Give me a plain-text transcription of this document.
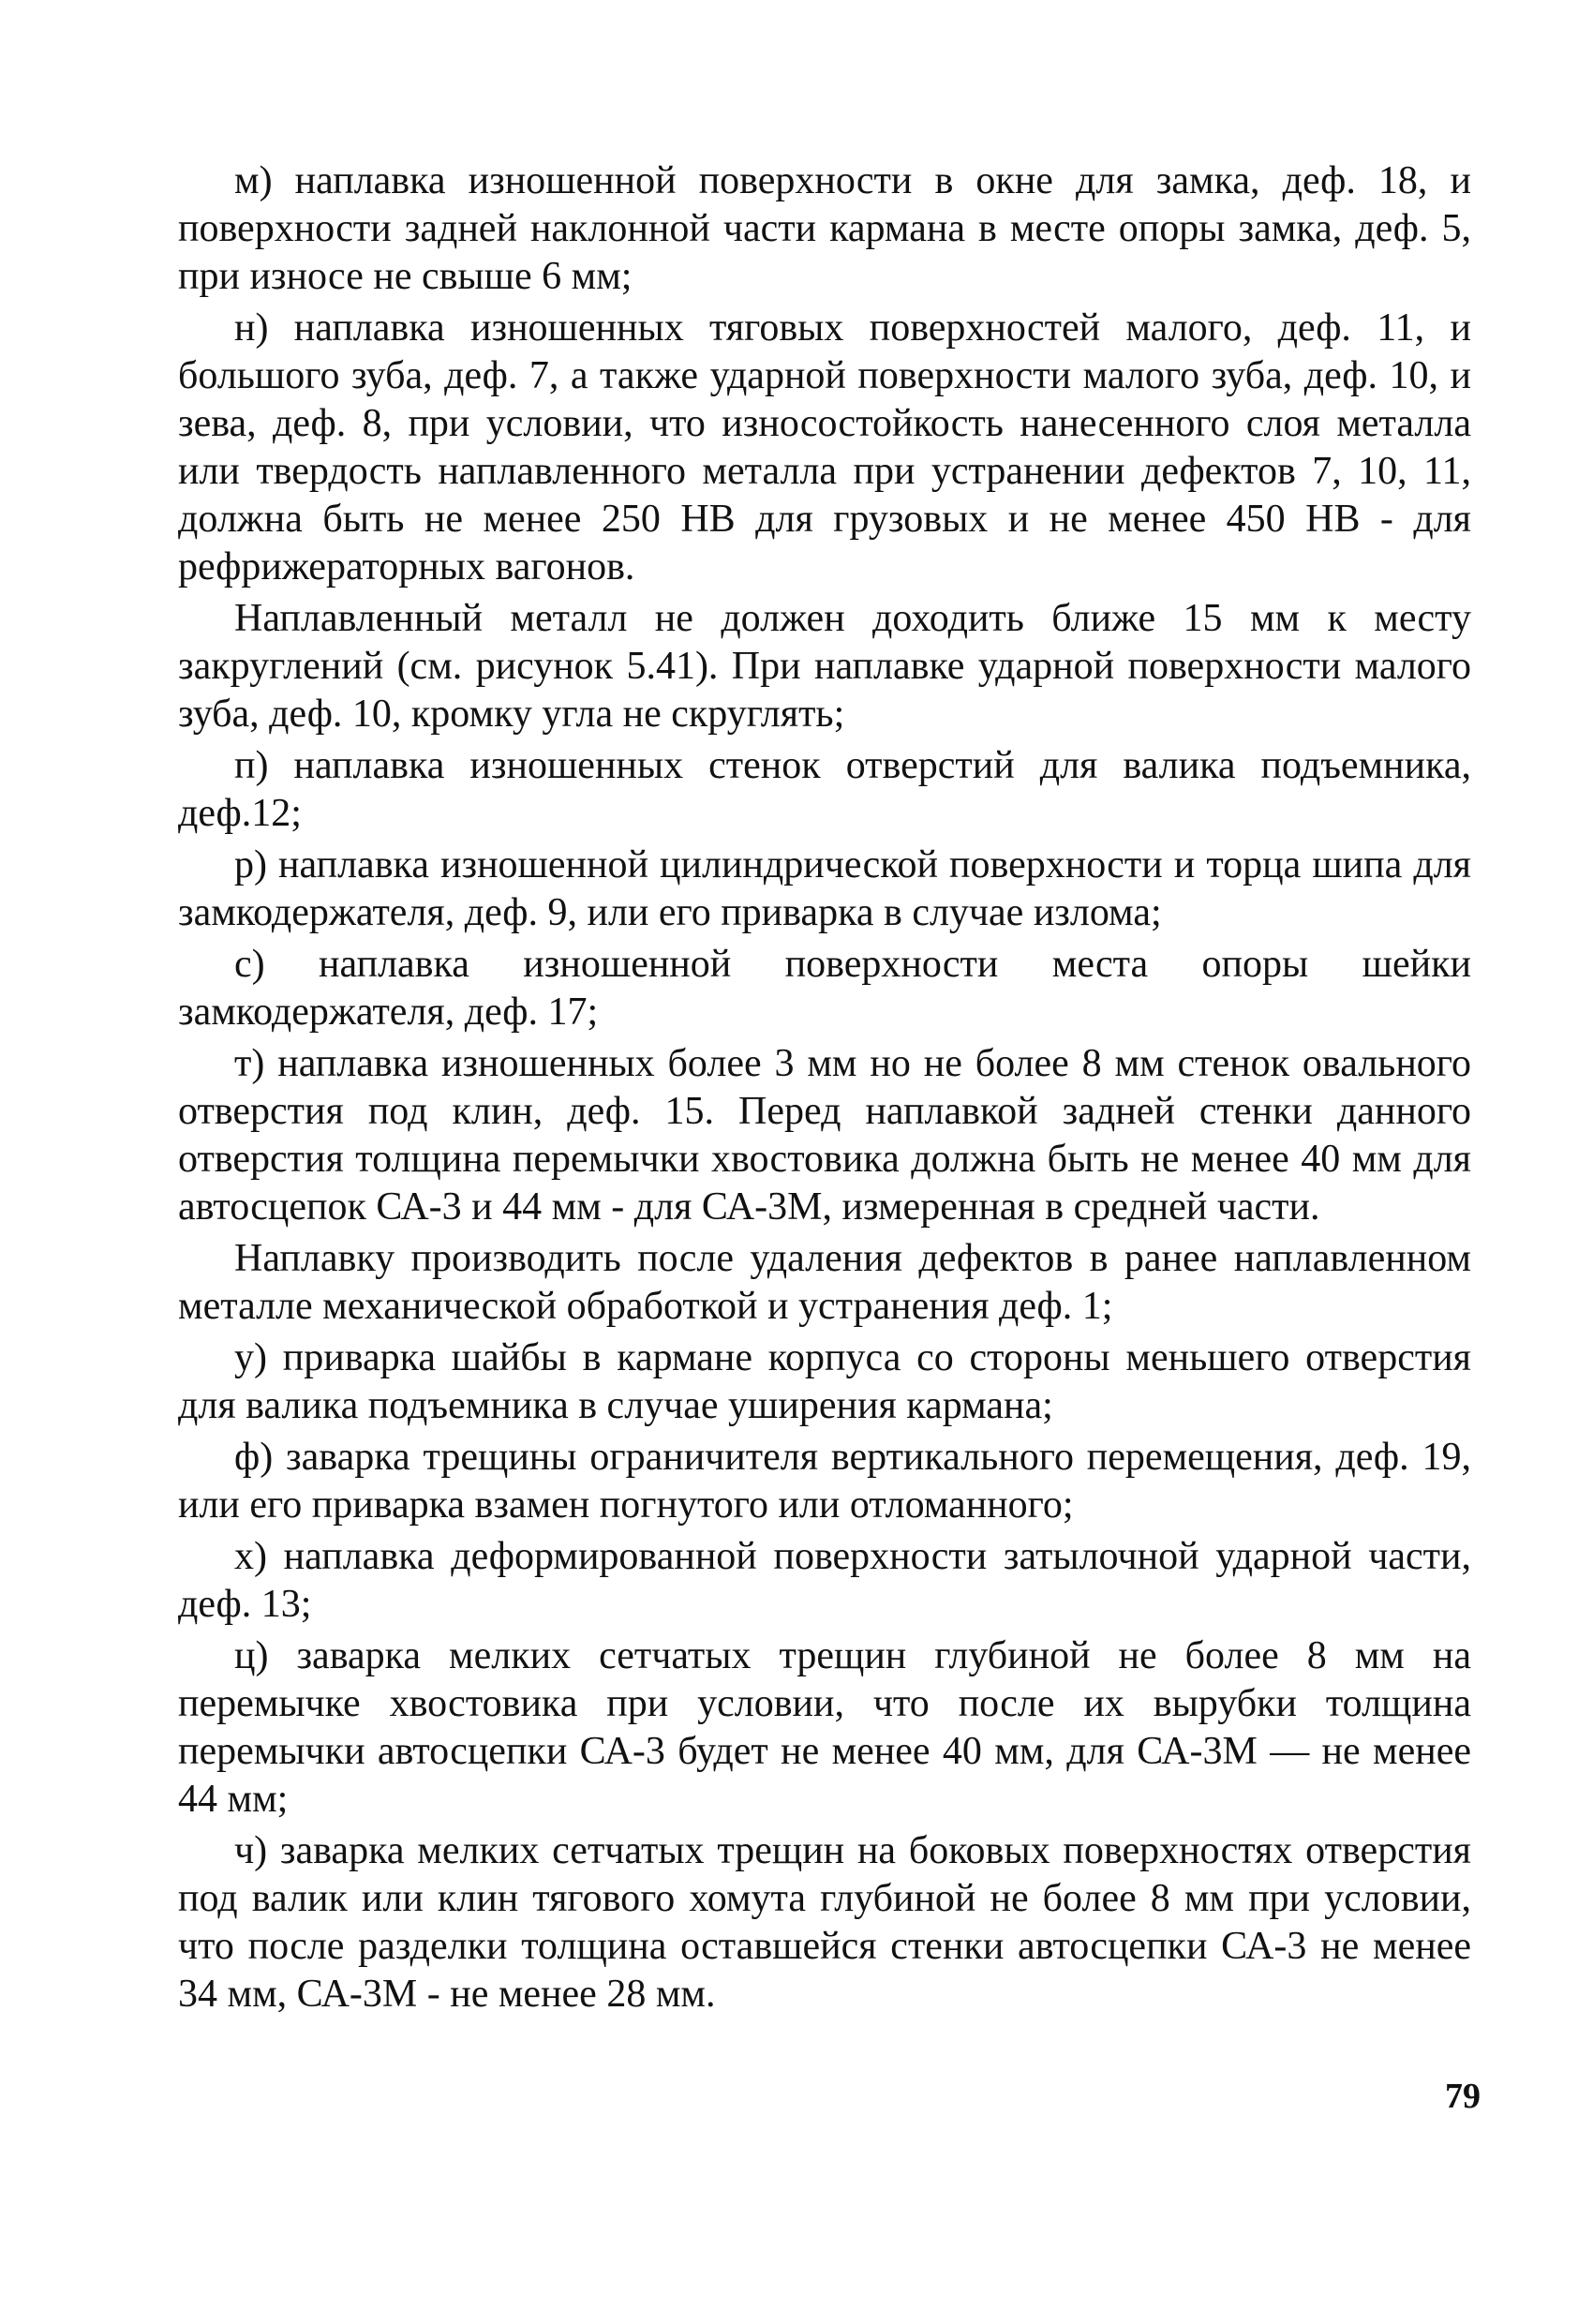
м) наплавка изношенной поверхности в окне для замка, деф. 18, и поверхности задней наклонной части кармана в месте опоры замка, деф. 5, при износе не свыше 6 мм;

н) наплавка изношенных тяговых поверхностей малого, деф. 11, и большого зуба, деф. 7, а также ударной поверхности малого зуба, деф. 10, и зева, деф. 8, при условии, что износостойкость нанесенного слоя металла или твердость наплавленного металла при устранении дефектов 7, 10, 11, должна быть не менее 250 НВ для грузовых и не менее 450 НВ - для рефрижераторных вагонов.

Наплавленный металл не должен доходить ближе 15 мм к месту закруглений (см. рисунок 5.41). При наплавке ударной поверхности малого зуба, деф. 10, кромку угла не скруглять;

п) наплавка изношенных стенок отверстий для валика подъемника, деф.12;

р) наплавка изношенной цилиндрической поверхности и торца шипа для замкодержателя, деф. 9, или его приварка в случае излома;

с) наплавка изношенной поверхности места опоры шейки замкодержателя, деф. 17;

т) наплавка изношенных более 3 мм но не более 8 мм стенок овального отверстия под клин, деф. 15. Перед наплавкой задней стенки данного отверстия толщина перемычки хвостовика должна быть не менее 40 мм для автосцепок СА-3 и 44 мм - для СА-3М, измеренная в средней части.

Наплавку производить после удаления дефектов в ранее наплавленном металле механической обработкой и устранения деф. 1;

у) приварка шайбы в кармане корпуса со стороны меньшего отверстия для валика подъемника в случае уширения кармана;

ф) заварка трещины ограничителя вертикального перемещения, деф. 19, или его приварка взамен погнутого или отломанного;

х) наплавка деформированной поверхности затылочной ударной части, деф. 13;

ц) заварка мелких сетчатых трещин глубиной не более 8 мм на перемычке хвостовика при условии, что после их вырубки толщина перемычки автосцепки СА-3 будет не менее 40 мм, для СА-3М — не менее 44 мм;

ч) заварка мелких сетчатых трещин на боковых поверхностях отверстия под валик или клин тягового хомута глубиной не более 8 мм при условии, что после разделки толщина оставшейся стенки автосцепки СА-3 не менее 34 мм, СА-3М - не менее 28 мм.

79
